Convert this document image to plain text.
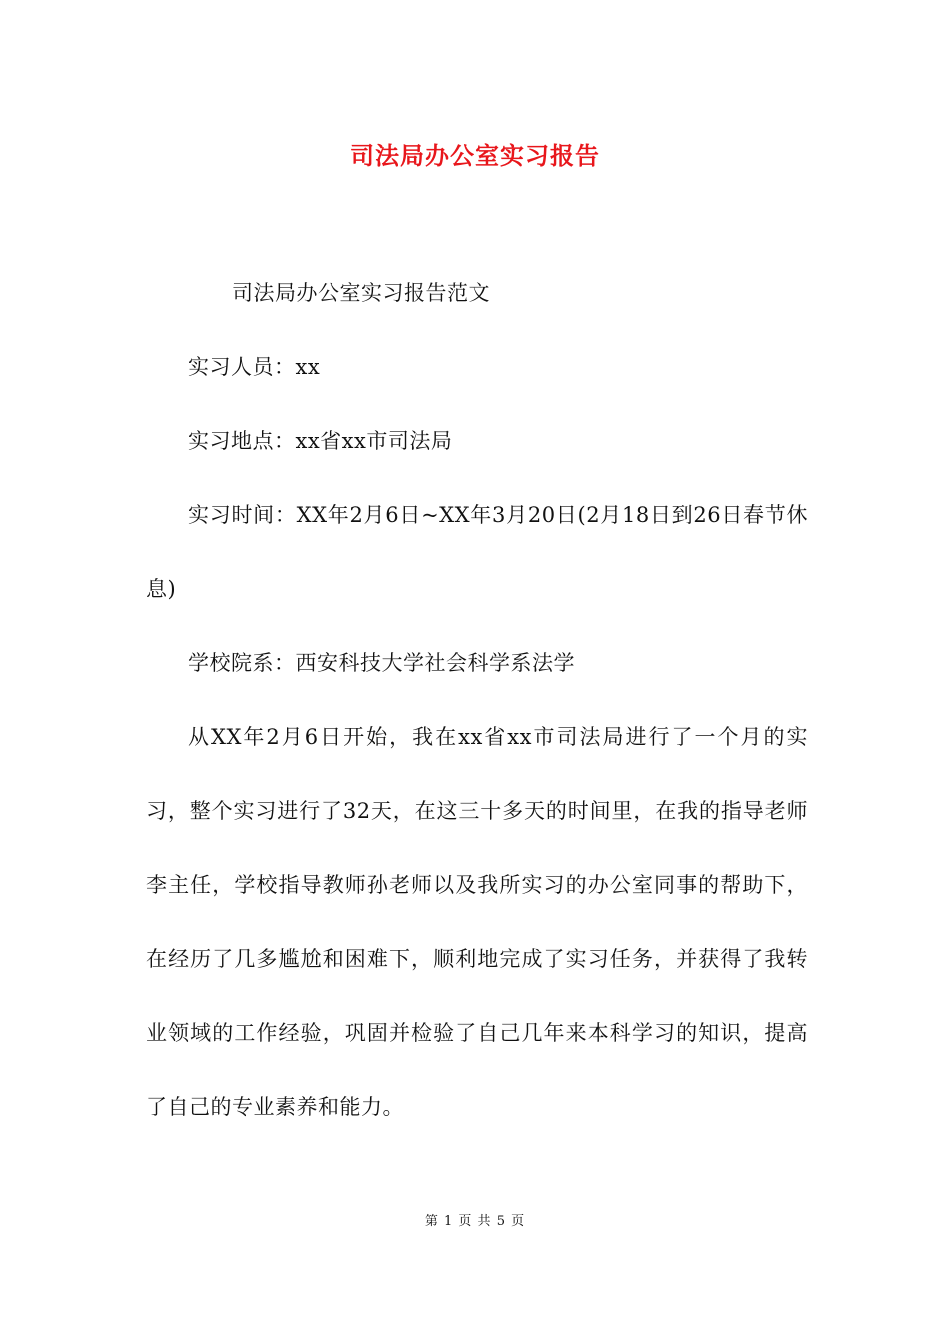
司法局办公室实习报告

司法局办公室实习报告范文

实习人员：xx

实习地点：xx省xx市司法局

实习时间：XX年2月6日~XX年3月20日(2月18日到26日春节休息)

学校院系：西安科技大学社会科学系法学

从XX年2月6日开始，我在xx省xx市司法局进行了一个月的实习，整个实习进行了32天，在这三十多天的时间里，在我的指导老师李主任，学校指导教师孙老师以及我所实习的办公室同事的帮助下，在经历了几多尴尬和困难下，顺利地完成了实习任务，并获得了我转业领域的工作经验，巩固并检验了自己几年来本科学习的知识，提高了自己的专业素养和能力。

第 1 页 共 5 页
